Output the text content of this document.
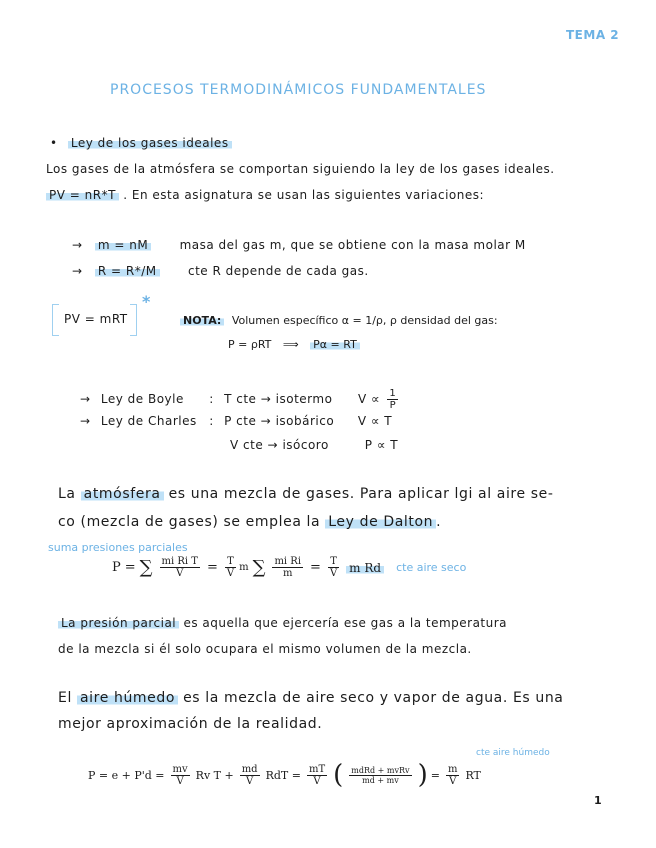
TEMA 2
PROCESOS TERMODINÁMICOS FUNDAMENTALES
• Ley de los gases ideales
Los gases de la atmósfera se comportan siguiendo la ley de los gases ideales.
PV = nR*T . En esta asignatura se usan las siguientes variaciones:
→ m = nM	masa del gas m, que se obtiene con la masa molar M
→ R = R*/M	cte R depende de cada gas.
PV = mRT
*
NOTA: Volumen específico α = 1/ρ, ρ densidad del gas:
P = ρRT ⟹ Pα = RT
→ Ley de Boyle : T cte → isotermo $V \propto \frac{1}{P}$
→ Ley de Charles : P cte → isobárico V ∝ T
V cte → isócoro	P ∝ T
La atmósfera es una mezcla de gases. Para aplicar lgi al aire se-
co (mezcla de gases) se emplea la Ley de Dalton .
suma presiones parciales
P = ∑ $\frac{\text{mi Ri T}}{V} = \frac{T}{V}$ m ∑ $\frac{\text{mi Ri}}{m} = \frac{T}{V}$ m Rd cte aire seco
La presión parcial es aquella que ejercería ese gas a la temperatura
de la mezcla si él solo ocupara el mismo volumen de la mezcla.
El aire húmedo es la mezcla de aire seco y vapor de agua. Es una
mejor aproximación de la realidad.
cte aire húmedo
$P = e + P'd = \frac{mv}{V}$ Rv $T + \frac{md}{V}$ RdT = $\frac{mT}{V}$ ( $\frac{\text{mdRd + mvRv}}{md + mv}$ ) = $\frac{m}{V}$ RT
1
